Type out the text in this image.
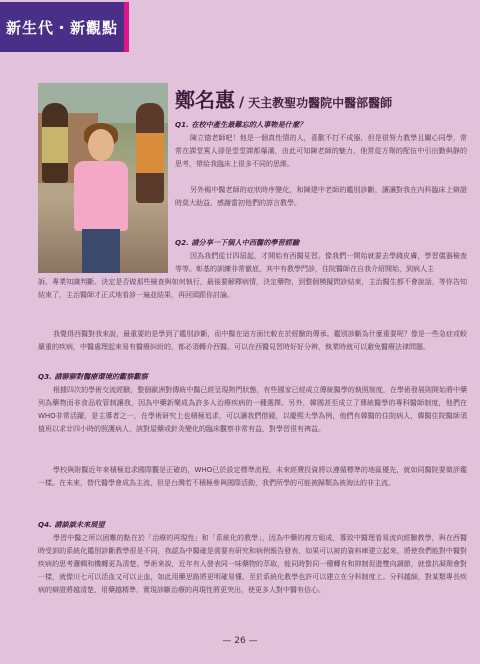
新生代・新觀點
鄭名惠 / 天主教聖功醫院中醫部醫師
Q1. 在校中產生最難忘的人事物是什麼？
陳立德老師吧！他是一個真性情的人，喜歡不打不成器，但是很努力教學且關心同學，常常在課堂罵人卻是堂堂課都爆滿，由此可知陳老師的魅力，他常從方劑的配伍中引出勤與靜的思考，帶給我臨床上很多不同的思維。
另外楊中醫老師的症狀時序變化，和陳建中老師的鑑別診斷，讓讓對我在內科臨床上辯證時莫大助益，感謝當初他們的諄言教學。
Q2. 請分享一下個人中西醫的學習經驗
因為我們從廿四屆起，才開始有西醫見習。像我們一開始就要去學錢皮膚，學習儀器檢查等等。彰基的訓練非常徹底，其中有教學門診，住院醫師在自我介紹開始，到病人主
訴、專業知識判斷、決定是否做那些檢查與如何執行，最後要解釋病情，決定藥物，到整個模擬問診結束，主治醫生都不會說話，等你告知結束了，主治醫師才正式地看診一遍並結果，再回頭跟你討論。
我覺得西醫對我來說，最重要的是學到了鑑別診斷，而中醫在這方面比較在於經驗的傳承。鑑別診斷為什麼重要呢？像是一些急症或較嚴重的疾病，中醫處理起來易有醫療糾紛的，都必須轉介西醫。可以在西醫見習時好好分辨，執業時就可以避免醫療法律問題。
Q3. 請聊聊對醫療環境的觀察觀察
根據四次的學術交流經驗，整個歐洲對傳統中醫已經呈現熱門狀態，有些國家已經成立傳統醫學的執照制度，在學術發展則開始將中藥列為藥物而非食品收管制讓我，因為中藥新樂成為許多人治療疾病的一種選擇。另外，韓國甚至成立了傳統醫學的專科醫師制度，他們在WHO非常活躍，是主導者之一，在學術研究上也積極追求，可以讓我們借鏡，以慶熙大學為例，他們有韓醫的住院病人，韓醫住院醫師須值班以求廿四小時的照護病人，該對屋藥或針灸變化的臨床觀察非常有益，對學習很有裨益。
學校與附醫近年來積極追求國際觀是正確的，WHO已於設定標準流程，未來經費投資將以遵循標準的地區優先，就如同醫院要做評鑑一樣。在未來，替代醫學會成為主流，但是台灣若不積極參與國際活動，我們所學的可能被歸類為被淘汰的非主流。
Q4. 請談談未來展望
學習中醫之所以困難的點在於「治療的再現性」和「系統化的教學」，因為中藥的複方組成，導致中醫理看易流向經驗教學，與在西醫時受訓的系統化鑑別診斷教學很是不同，我認為中醫確是需要有研究和病例報告發表，如果可以被的資料庫建立起來，將使我們能對中醫對疾病的思考邏輯和機轉更為清楚。學術來說，近年有人發表同一味藥物的萃取，能同時對同一種轉有和抑制促進雙向調節，就像抗凝劑會對一樣，就像川七可以活血又可以止血，如此用藥思路將更明確易懂。至於系統化教學也許可以建立在分科制度上。分科越細，對某類專長疾病的辯證將越清楚，用藥越精準，實現診斷治療的再現性將更突出，使更多人對中醫有信心。
— 26 —
